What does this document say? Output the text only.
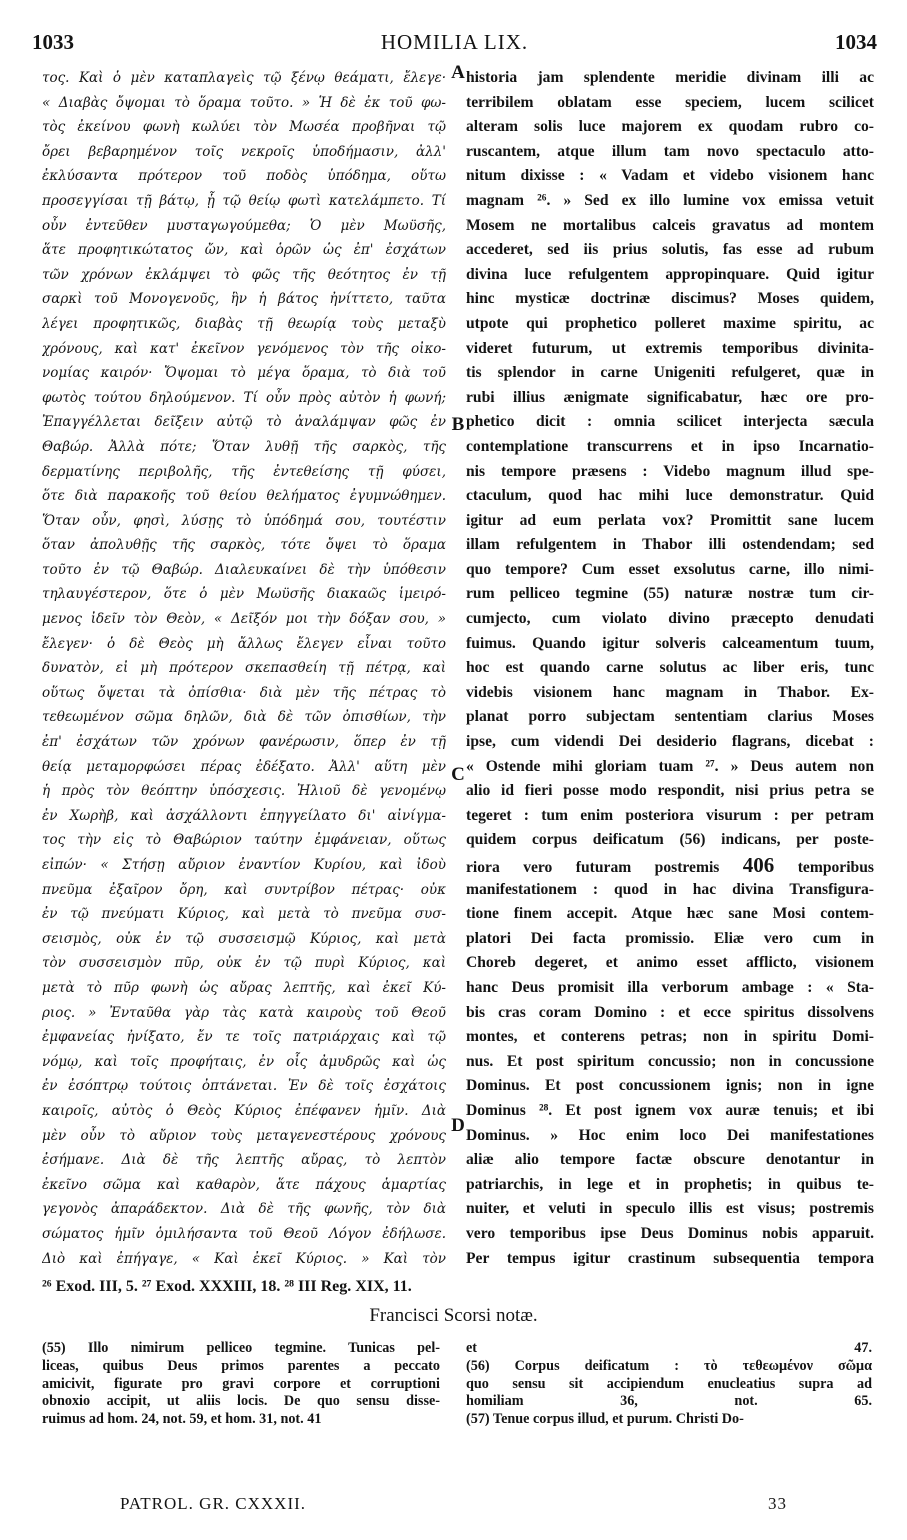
1033	HOMILIA LIX.	1034
τος. Καὶ ὁ μὲν καταπλαγεὶς τῷ ξένῳ θεάματι, ἔλεγε·
« Διαβὰς ὄψομαι τὸ ὅραμα τοῦτο. » Ἡ δὲ ἐκ τοῦ φω-
τὸς ἐκείνου φωνὴ κωλύει τὸν Μωσέα προβῆναι τῷ
ὄρει βεβαρημένον τοῖς νεκροῖς ὑποδήμασιν, ἀλλ'
ἐκλύσαντα πρότερον τοῦ ποδὸς ὑπόδημα, οὕτω
προσεγγίσαι τῇ βάτῳ, ᾗ τῷ θείῳ φωτὶ κατελάμπετο. Τί
οὖν ἐντεῦθεν μυσταγωγούμεθα; Ὁ μὲν Μωϋσῆς,
ἅτε προφητικώτατος ὤν, καὶ ὁρῶν ὡς ἐπ' ἐσχάτων
τῶν χρόνων ἐκλάμψει τὸ φῶς τῆς θεότητος ἐν τῇ
σαρκὶ τοῦ Μονογενοῦς, ἣν ἡ βάτος ἠνίττετο, ταῦτα
λέγει προφητικῶς, διαβὰς τῇ θεωρίᾳ τοὺς μεταξὺ
χρόνους, καὶ κατ' ἐκεῖνον γενόμενος τὸν τῆς οἰκο-
νομίας καιρόν· Ὄψομαι τὸ μέγα ὅραμα, τὸ διὰ τοῦ
φωτὸς τούτου δηλούμενον. Τί οὖν πρὸς αὐτὸν ἡ φωνή;
Ἐπαγγέλλεται δεῖξειν αὐτῷ τὸ ἀναλάμψαν φῶς ἐν
Θαβώρ. Ἀλλὰ πότε; Ὅταν λυθῇ τῆς σαρκὸς, τῆς
δερματίνης περιβολῆς, τῆς ἐντεθείσης τῇ φύσει,
ὅτε διὰ παρακοῆς τοῦ θείου θελήματος ἐγυμνώθημεν.
Ὅταν οὖν, φησὶ, λύσῃς τὸ ὑπόδημά σου, τουτέστιν
ὅταν ἀπολυθῇς τῆς σαρκὸς, τότε ὄψει τὸ ὅραμα
τοῦτο ἐν τῷ Θαβώρ. Διαλευκαίνει δὲ τὴν ὑπόθεσιν
τηλαυγέστερον, ὅτε ὁ μὲν Μωϋσῆς διακαῶς ἱμειρό-
μενος ἰδεῖν τὸν Θεὸν, « Δεῖξόν μοι τὴν δόξαν σου, »
ἔλεγεν· ὁ δὲ Θεὸς μὴ ἄλλως ἔλεγεν εἶναι τοῦτο
δυνατὸν, εἰ μὴ πρότερον σκεπασθείη τῇ πέτρᾳ, καὶ
οὕτως ὄψεται τὰ ὀπίσθια· διὰ μὲν τῆς πέτρας τὸ
τεθεωμένον σῶμα δηλῶν, διὰ δὲ τῶν ὀπισθίων, τὴν
ἐπ' ἐσχάτων τῶν χρόνων φανέρωσιν, ὅπερ ἐν τῇ
θείᾳ μεταμορφώσει πέρας ἐδέξατο. Ἀλλ' αὕτη μὲν
ἡ πρὸς τὸν θεόπτην ὑπόσχεσις. Ἠλιοῦ δὲ γενομένῳ
ἐν Χωρὴβ, καὶ ἀσχάλλοντι ἐπηγγείλατο δι' αἰνίγμα-
τος τὴν εἰς τὸ Θαβώριον ταύτην ἐμφάνειαν, οὕτως
εἰπών· « Στήσῃ αὔριον ἐναντίον Κυρίου, καὶ ἰδοὺ
πνεῦμα ἐξαῖρον ὄρη, καὶ συντρίβον πέτρας· οὐκ
ἐν τῷ πνεύματι Κύριος, καὶ μετὰ τὸ πνεῦμα συσ-
σεισμὸς, οὐκ ἐν τῷ συσσεισμῷ Κύριος, καὶ μετὰ
τὸν συσσεισμὸν πῦρ, οὐκ ἐν τῷ πυρὶ Κύριος, καὶ
μετὰ τὸ πῦρ φωνὴ ὡς αὔρας λεπτῆς, καὶ ἐκεῖ Κύ-
ριος. » Ἐνταῦθα γὰρ τὰς κατὰ καιροὺς τοῦ Θεοῦ
ἐμφανείας ἠνίξατο, ἔν τε τοῖς πατριάρχαις καὶ τῷ
νόμῳ, καὶ τοῖς προφήταις, ἐν οἷς ἀμυδρῶς καὶ ὡς
ἐν ἐσόπτρῳ τούτοις ὀπτάνεται. Ἐν δὲ τοῖς ἐσχάτοις
καιροῖς, αὐτὸς ὁ Θεὸς Κύριος ἐπέφανεν ἡμῖν. Διὰ
μὲν οὖν τὸ αὔριον τοὺς μεταγενεστέρους χρόνους
ἐσήμανε. Διὰ δὲ τῆς λεπτῆς αὔρας, τὸ λεπτὸν
ἐκεῖνο σῶμα καὶ καθαρὸν, ἅτε πάχους ἁμαρτίας
γεγονὸς ἀπαράδεκτον. Διὰ δὲ τῆς φωνῆς, τὸν διὰ
σώματος ἡμῖν ὁμιλήσαντα τοῦ Θεοῦ Λόγον ἐδήλωσε.
Διὸ καὶ ἐπήγαγε, « Καὶ ἐκεῖ Κύριος. » Καὶ τὸν
historia jam splendente meridie divinam illi ac
terribilem oblatam esse speciem, lucem scilicet
alteram solis luce majorem ex quodam rubro co-
ruscantem, atque illum tam novo spectaculo atto-
nitum dixisse : « Vadam et videbo visionem hanc
magnam ²⁶. » Sed ex illo lumine vox emissa vetuit
Mosem ne mortalibus calceis gravatus ad montem
accederet, sed iis prius solutis, fas esse ad rubum
divina luce refulgentem appropinquare. Quid igitur
hinc mysticæ doctrinæ discimus? Moses quidem,
utpote qui prophetico polleret maxime spiritu, ac
videret futurum, ut extremis temporibus divinita-
tis splendor in carne Unigeniti refulgeret, quæ in
rubi illius ænigmate significabatur, hæc ore pro-
phetico dicit : omnia scilicet interjecta sæcula
contemplatione transcurrens et in ipso Incarnatio-
nis tempore præsens : Videbo magnum illud spe-
ctaculum, quod hac mihi luce demonstratur. Quid
igitur ad eum perlata vox? Promittit sane lucem
illam refulgentem in Thabor illi ostendendam; sed
quo tempore? Cum esset exsolutus carne, illo nimi-
rum pelliceo tegmine (55) naturæ nostræ tum cir-
cumjecto, cum violato divino præcepto denudati
fuimus. Quando igitur solveris calceamentum tuum,
hoc est quando carne solutus ac liber eris, tunc
videbis visionem hanc magnam in Thabor. Ex-
planat porro subjectam sententiam clarius Moses
ipse, cum videndi Dei desiderio flagrans, dicebat :
« Ostende mihi gloriam tuam ²⁷. » Deus autem non
alio id fieri posse modo respondit, nisi prius petra se
tegeret : tum enim posteriora visurum : per petram
quidem corpus deificatum (56) indicans, per poste-
riora vero futuram postremis 406 temporibus
manifestationem : quod in hac divina Transfigura-
tione finem accepit. Atque hæc sane Mosi contem-
platori Dei facta promissio. Eliæ vero cum in
Choreb degeret, et animo esset afflicto, visionem
hanc Deus promisit illa verborum ambage : « Sta-
bis cras coram Domino : et ecce spiritus dissolvens
montes, et conterens petras; non in spiritu Domi-
nus. Et post spiritum concussio; non in concussione
Dominus. Et post concussionem ignis; non in igne
Dominus ²⁸. Et post ignem vox auræ tenuis; et ibi
Dominus. » Hoc enim loco Dei manifestationes
aliæ alio tempore factæ obscure denotantur in
patriarchis, in lege et in prophetis; in quibus te-
nuiter, et veluti in speculo illis est visus; postremis
vero temporibus ipse Deus Dominus nobis apparuit.
Per tempus igitur crastinum subsequentia tempora
A
B
C
D
²⁶ Exod. III, 5. ²⁷ Exod. XXXIII, 18. ²⁸ III Reg. XIX, 11.
Francisci Scorsi notæ.
(55) Illo nimirum pelliceo tegmine. Tunicas pel-
liceas, quibus Deus primos parentes a peccato
amicivit, figurate pro gravi corpore et corruptioni
obnoxio accipit, ut aliis locis. De quo sensu disse-
ruimus ad hom. 24, not. 59, et hom. 31, not. 41
et 47.
(56) Corpus deificatum : τὸ τεθεωμένον σῶμα
quo sensu sit accipiendum enucleatius supra ad
homiliam 36, not. 65.
(57) Tenue corpus illud, et purum. Christi Do-
PATROL. GR. CXXXII.	33
